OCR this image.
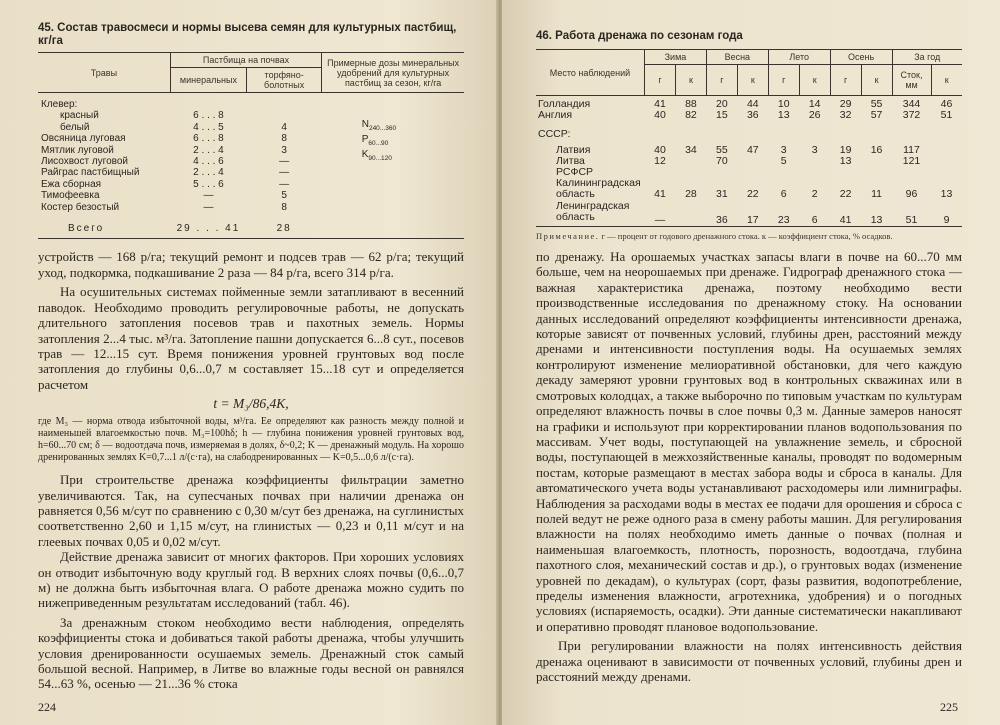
45. Состав травосмеси и нормы высева семян для культурных пастбищ, кг/га
Травы	Пастбища на почвах		Примерные дозы минеральных удобрений для культурных пастбищ за сезон, кг/га
	минеральных	торфяно-болотных	

Клевер:			$N_{240...360}$
$P_{60...90}$
$K_{90...120}$

красный	6 . . . 8		
белый	4 . . . 5	4	
Овсяница луговая	6 . . . 8	8	
Мятлик луговой	2 . . . 4	3	
Лисохвост луговой	4 . . . 6	—	
Райграс пастбищный	2 . . . 4	—	
Ежа сборная	5 . . . 6	—	
Тимофеевка	—	5	
Костер безостый	—	8	
Всего	29 . . . 41	28	

устройств — 168 р/га; текущий ремонт и подсев трав — 62 р/га; текущий уход, подкормка, подкашивание 2 раза — 84 р/га, всего 314 р/га.

На осушительных системах пойменные земли затапливают в весенний паводок. Необходимо проводить регулировочные работы, не допускать длительного затопления посевов трав и пахотных земель. Нормы затопления 2...4 тыс. м³/га. Затопление пашни допускается 6...8 сут., посевов трав — 12...15 сут. Время понижения уровней грунтовых вод после затопления до глубины 0,6...0,7 м составляет 15...18 сут и определяется расчетом

t = M₃/86,4K,

где M₃ — норма отвода избыточной воды, м³/га. Ее определяют как разность между полной и наименьшей влагоемкостью почв. M₃=100hδ; h — глубина понижения уровней грунтовых вод, h=60...70 см; δ — водоотдача почв, измеряемая в долях, δ~0,2; K — дренажный модуль. На хорошо дренированных землях K=0,7...1 л/(с·га), на слабодренированных — K=0,5...0,6 л/(с·га).

При строительстве дренажа коэффициенты фильтрации заметно увеличиваются. Так, на супесчаных почвах при наличии дренажа он равняется 0,56 м/сут по сравнению с 0,30 м/сут без дренажа, на суглинистых соответственно 2,60 и 1,15 м/сут, на глинистых — 0,23 и 0,11 м/сут и на глеевых почвах 0,05 и 0,02 м/сут.

Действие дренажа зависит от многих факторов. При хороших условиях он отводит избыточную воду круглый год. В верхних слоях почвы (0,6...0,7 м) не должна быть избыточная влага. О работе дренажа можно судить по нижеприведенным результатам исследований (табл. 46).

За дренажным стоком необходимо вести наблюдения, определять коэффициенты стока и добиваться такой работы дренажа, чтобы улучшить условия дренированности осушаемых земель. Дренажный сток самый большой весной. Например, в Литве во влажные годы весной он равнялся 54...63 %, осенью — 21...36 % стока

224
46. Работа дренажа по сезонам года
Место наблюдений	Зима		Весна		Лето		Осень		За год	
	г	к	г	к	г	к	г	к	Сток, мм	к

Голландия	41	88	20	44	10	14	29	55	344	46
Англия	40	82	15	36	13	26	32	57	372	51
СССР:										
Латвия	40	34	55	47	3	3	19	16	117	
Литва	12		70		5		13		121	
РСФСР										
Калининградская область	41	28	31	22	6	2	22	11	96	13
Ленинградская область	—		36	17	23	6	41	13	51	9
Примечание. г — процент от годового дренажного стока. к — коэффициент стока, % осадков.

по дренажу. На орошаемых участках запасы влаги в почве на 60...70 мм больше, чем на неорошаемых при дренаже. Гидрограф дренажного стока — важная характеристика дренажа, поэтому необходимо вести производственные исследования по дренажному стоку. На основании данных исследований определяют коэффициенты интенсивности дренажа, которые зависят от почвенных условий, глубины дрен, расстояний между дренами и интенсивности поступления воды. На осушаемых землях контролируют изменение мелиоративной обстановки, для чего каждую декаду замеряют уровни грунтовых вод в контрольных скважинах или в смотровых колодцах, а также выборочно по типовым участкам по культурам определяют влажность почвы в слое почвы 0,3 м. Данные замеров наносят на графики и используют при корректировании планов водопользования по массивам. Учет воды, поступающей на увлажнение земель, и сбросной воды, поступающей в межхозяйственные каналы, проводят по водомерным постам, которые размещают в местах забора воды и сброса в каналы. Для автоматического учета воды устанавливают расходомеры или лимниграфы. Наблюдения за расходами воды в местах ее подачи для орошения и сброса с полей ведут не реже одного раза в смену работы машин. Для регулирования влажности на полях необходимо иметь данные о почвах (полная и наименьшая влагоемкость, плотность, порозность, водоотдача, глубина пахотного слоя, механический состав и др.), о грунтовых водах (изменение уровней по декадам), о культурах (сорт, фазы развития, водопотребление, пределы изменения влажности, агротехника, удобрения) и о погодных условиях (испаряемость, осадки). Эти данные систематически накапливают и оперативно проводят плановое водопользование.

При регулировании влажности на полях интенсивность действия дренажа оценивают в зависимости от почвенных условий, глубины дрен и расстояний между дренами.

225
